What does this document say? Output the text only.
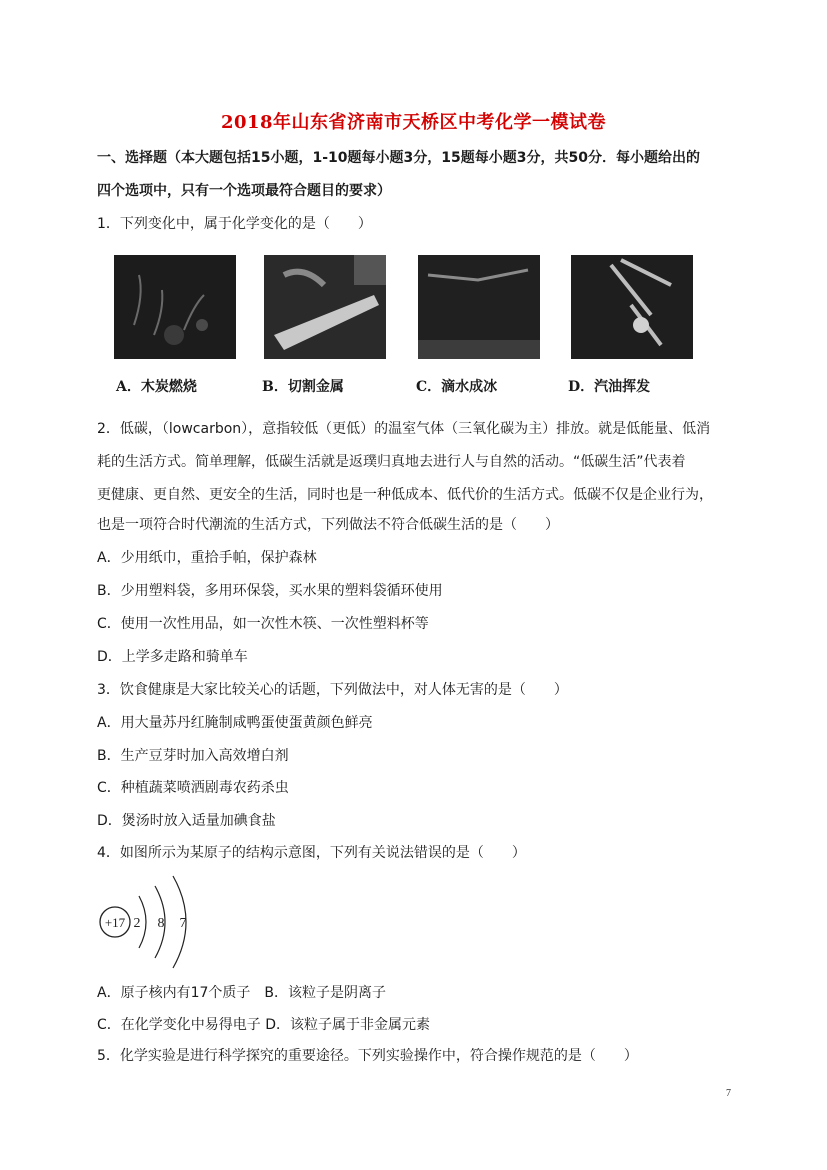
2018年山东省济南市天桥区中考化学一模试卷
一、选择题（本大题包括15小题，1-10题每小题3分，15题每小题3分，共50分．每小题给出的
四个选项中，只有一个选项最符合题目的要求）
1．下列变化中，属于化学变化的是（　　）
A．木炭燃烧	B．切割金属	C．滴水成冰	D．汽油挥发
2．低碳，（lowcarbon），意指较低（更低）的温室气体（三氧化碳为主）排放。就是低能量、低消
耗的生活方式。简单理解，低碳生活就是返璞归真地去进行人与自然的活动。“低碳生活”代表着
更健康、更自然、更安全的生活，同时也是一种低成本、低代价的生活方式。低碳不仅是企业行为，
也是一项符合时代潮流的生活方式，下列做法不符合低碳生活的是（　　）
A．少用纸巾，重拾手帕，保护森林
B．少用塑料袋，多用环保袋，买水果的塑料袋循环使用
C．使用一次性用品，如一次性木筷、一次性塑料杯等
D．上学多走路和骑单车
3．饮食健康是大家比较关心的话题，下列做法中，对人体无害的是（　　）
A．用大量苏丹红腌制咸鸭蛋使蛋黄颜色鲜亮
B．生产豆芽时加入高效增白剂
C．种植蔬菜喷洒剧毒农药杀虫
D．煲汤时放入适量加碘食盐
4．如图所示为某原子的结构示意图，下列有关说法错误的是（　　）
+17 2 8 7
A．原子核内有17个质子　B．该粒子是阴离子
C．在化学变化中易得电子 D．该粒子属于非金属元素
5．化学实验是进行科学探究的重要途径。下列实验操作中，符合操作规范的是（　　）
7
